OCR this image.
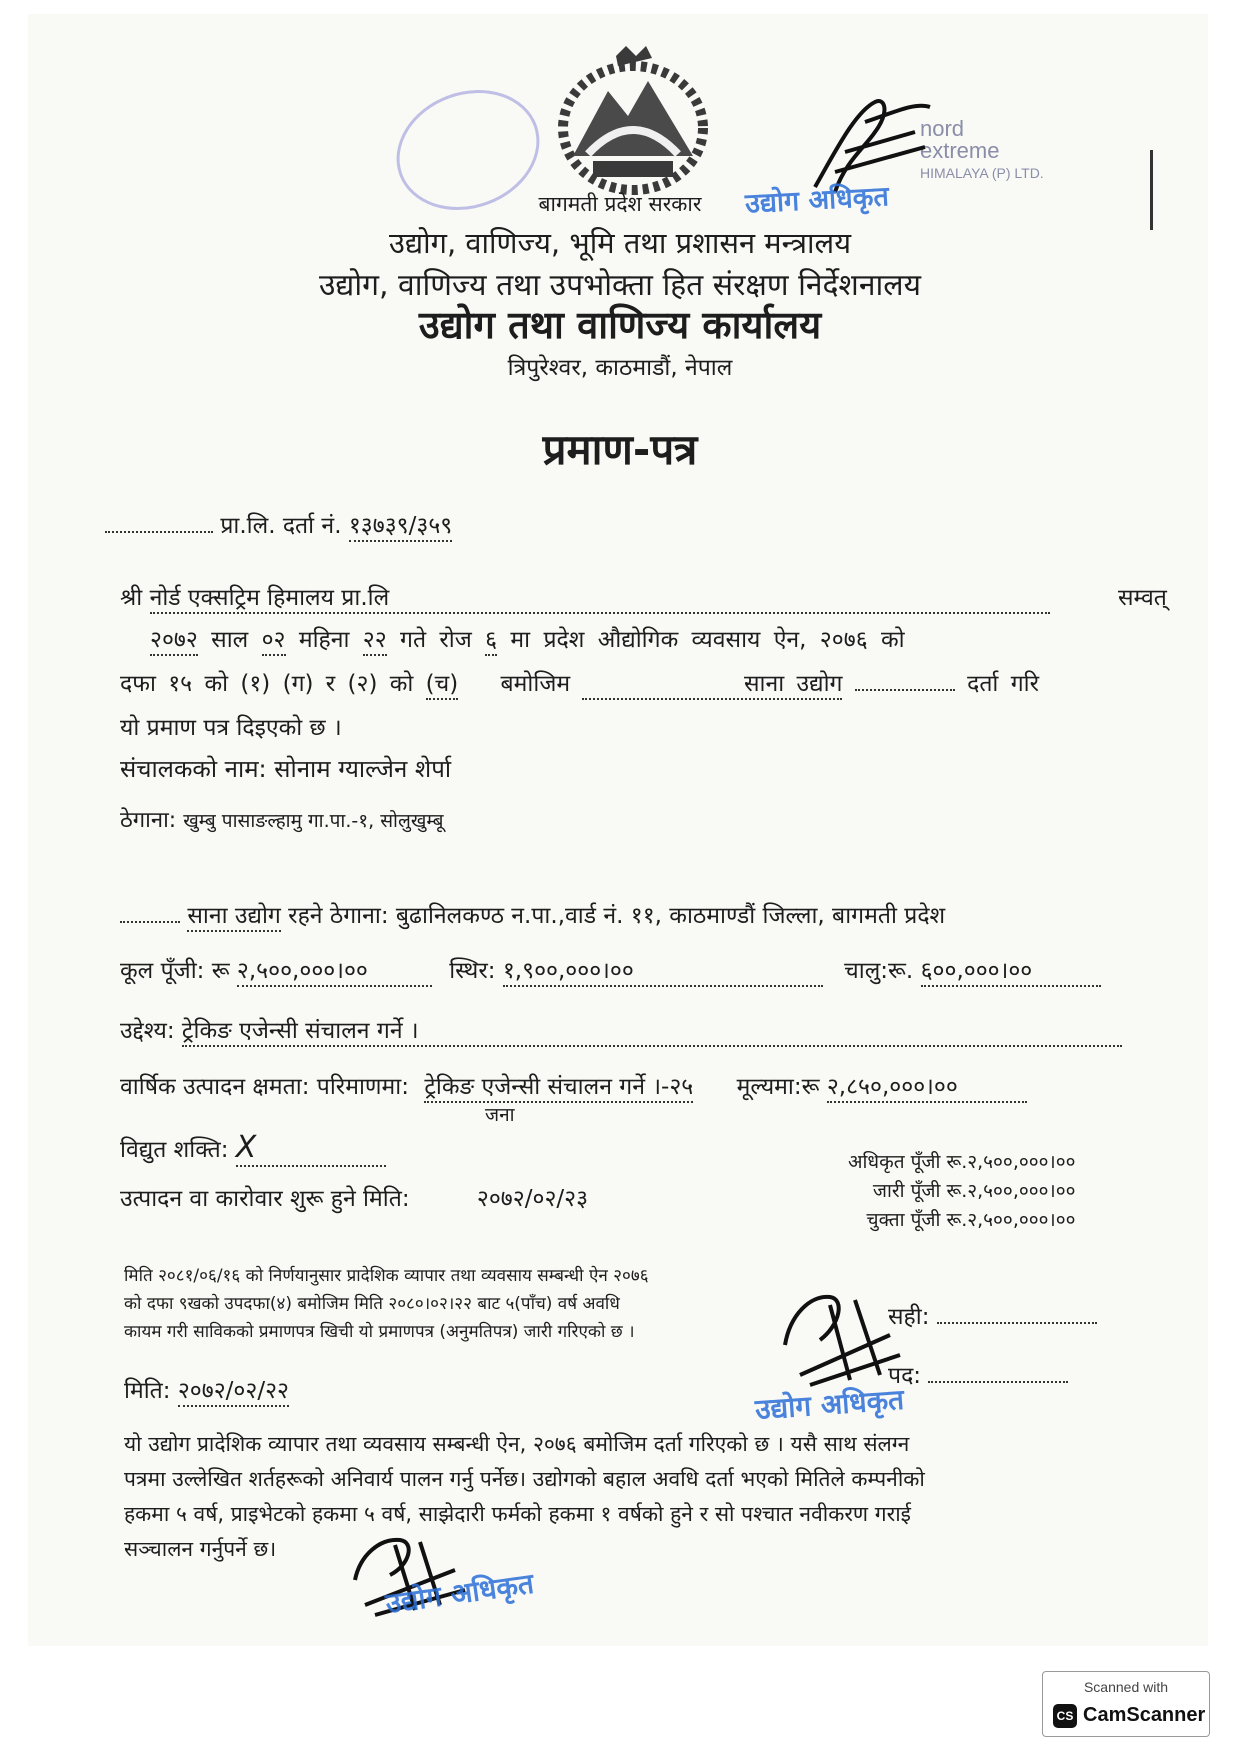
nord
extreme
HIMALAYA (P) LTD.
उद्योग अधिकृत
बागमती प्रदेश सरकार
उद्योग, वाणिज्य, भूमि तथा प्रशासन मन्त्रालय
उद्योग, वाणिज्य तथा उपभोक्ता हित संरक्षण निर्देशनालय
उद्योग तथा वाणिज्य कार्यालय
त्रिपुरेश्वर, काठमाडौं, नेपाल
प्रमाण-पत्र
प्रा.लि. दर्ता नं. १३७३९/३५९
श्री नोर्ड एक्सट्रिम हिमालय प्रा.लि	सम्वत्
२०७२ साल ०२ महिना २२ गते रोज ६ मा प्रदेश औद्योगिक व्यवसाय ऐन, २०७६ को
दफा १५ को (१) (ग) र (२) को (च) बमोजिम	साना उद्योग	दर्ता गरि
यो प्रमाण पत्र दिइएको छ ।
संचालकको नाम: सोनाम ग्याल्जेन शेर्पा
ठेगाना: खुम्बु पासाङल्हामु गा.पा.-१, सोलुखुम्बू
साना उद्योग रहने ठेगाना: बुढानिलकण्ठ न.पा.,वार्ड नं. ११, काठमाण्डौं जिल्ला, बागमती प्रदेश
कूल पूँजी: रू २,५००,०००।००	स्थिर: १,९००,०००।००	चालु:रू. ६००,०००।००
उद्देश्य: ट्रेकिङ एजेन्सी संचालन गर्ने ।
वार्षिक उत्पादन क्षमता: परिमाणमा: ट्रेकिङ एजेन्सी संचालन गर्ने ।-२५ मूल्यमा:रू २,८५०,०००।००
जना
विद्युत शक्ति: X	अधिकृत पूँजी रू.२,५००,०००।००
जारी पूँजी रू.२,५००,०००।००
चुक्ता पूँजी रू.२,५००,०००।००
उत्पादन वा कारोवार शुरू हुने मिति:	२०७२/०२/२३
मिति २०८१/०६/१६ को निर्णयानुसार प्रादेशिक व्यापार तथा व्यवसाय सम्बन्धी ऐन २०७६
को दफा ९खको उपदफा(४) बमोजिम मिति २०८०।०२।२२ बाट ५(पाँच) वर्ष अवधि
कायम गरी साविकको प्रमाणपत्र खिची यो प्रमाणपत्र (अनुमतिपत्र) जारी गरिएको छ ।
उद्योग अधिकृत
सही:
पद:
मिति: २०७२/०२/२२
यो उद्योग प्रादेशिक व्यापार तथा व्यवसाय सम्बन्धी ऐन, २०७६ बमोजिम दर्ता गरिएको छ । यसै साथ संलग्न
पत्रमा उल्लेखित शर्तहरूको अनिवार्य पालन गर्नु पर्नेछ। उद्योगको बहाल अवधि दर्ता भएको मितिले कम्पनीको
हकमा ५ वर्ष, प्राइभेटको हकमा ५ वर्ष, साझेदारी फर्मको हकमा १ वर्षको हुने र सो पश्चात नवीकरण गराई
सञ्चालन गर्नुपर्ने छ।
उद्योग अधिकृत
Scanned with
CS CamScanner
